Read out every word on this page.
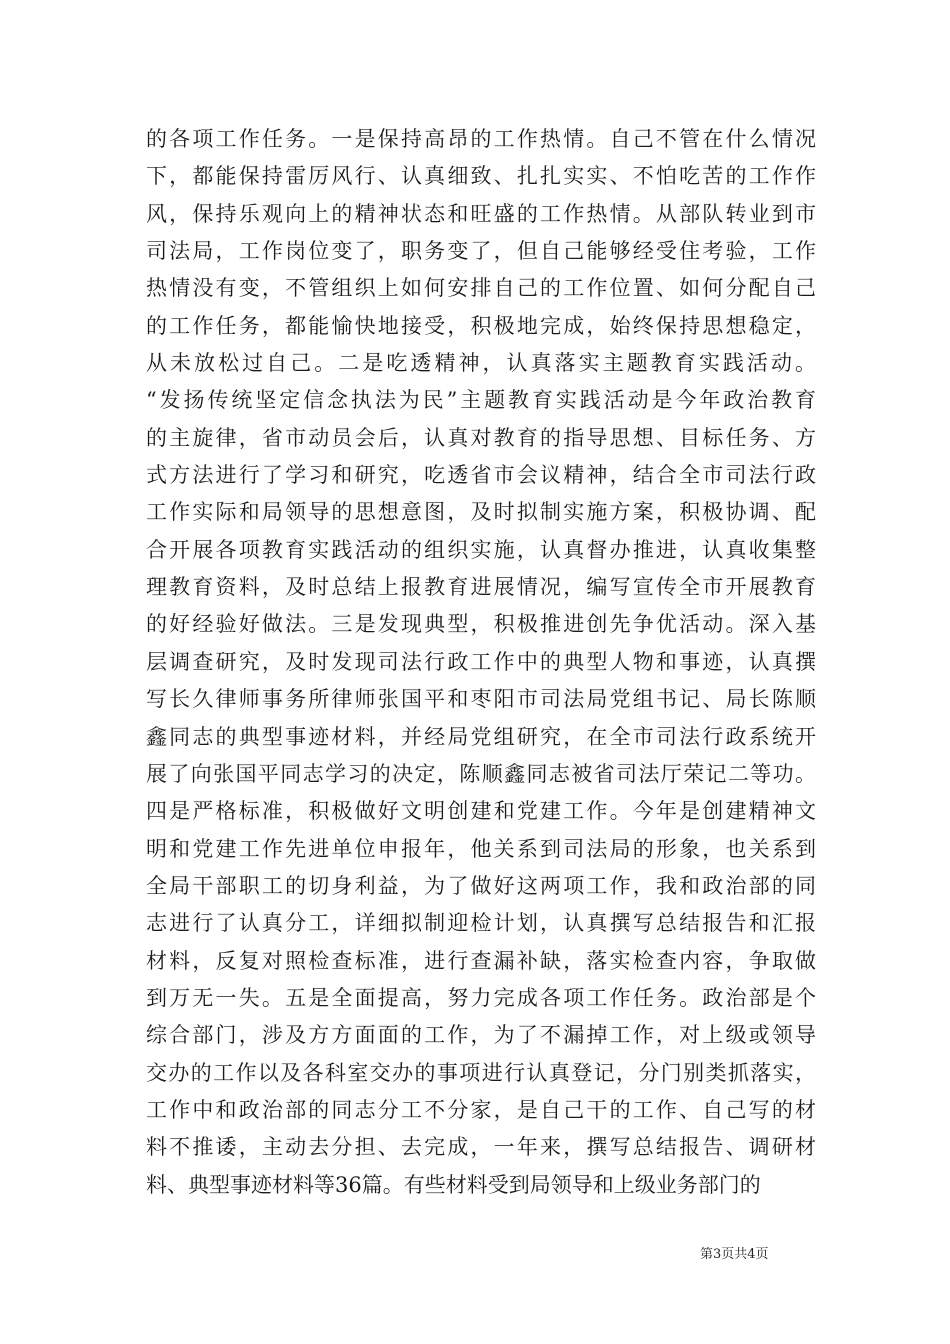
的各项工作任务。一是保持高昂的工作热情。自己不管在什么情况
下，都能保持雷厉风行、认真细致、扎扎实实、不怕吃苦的工作作
风，保持乐观向上的精神状态和旺盛的工作热情。从部队转业到市
司法局，工作岗位变了，职务变了，但自己能够经受住考验，工作
热情没有变，不管组织上如何安排自己的工作位置、如何分配自己
的工作任务，都能愉快地接受，积极地完成，始终保持思想稳定，
从未放松过自己。二是吃透精神，认真落实主题教育实践活动。
“发扬传统坚定信念执法为民”主题教育实践活动是今年政治教育
的主旋律，省市动员会后，认真对教育的指导思想、目标任务、方
式方法进行了学习和研究，吃透省市会议精神，结合全市司法行政
工作实际和局领导的思想意图，及时拟制实施方案，积极协调、配
合开展各项教育实践活动的组织实施，认真督办推进，认真收集整
理教育资料，及时总结上报教育进展情况，编写宣传全市开展教育
的好经验好做法。三是发现典型，积极推进创先争优活动。深入基
层调查研究，及时发现司法行政工作中的典型人物和事迹，认真撰
写长久律师事务所律师张国平和枣阳市司法局党组书记、局长陈顺
鑫同志的典型事迹材料，并经局党组研究，在全市司法行政系统开
展了向张国平同志学习的决定，陈顺鑫同志被省司法厅荣记二等功。
四是严格标准，积极做好文明创建和党建工作。今年是创建精神文
明和党建工作先进单位申报年，他关系到司法局的形象，也关系到
全局干部职工的切身利益，为了做好这两项工作，我和政治部的同
志进行了认真分工，详细拟制迎检计划，认真撰写总结报告和汇报
材料，反复对照检查标准，进行查漏补缺，落实检查内容，争取做
到万无一失。五是全面提高，努力完成各项工作任务。政治部是个
综合部门，涉及方方面面的工作，为了不漏掉工作，对上级或领导
交办的工作以及各科室交办的事项进行认真登记，分门别类抓落实，
工作中和政治部的同志分工不分家，是自己干的工作、自己写的材
料不推诿，主动去分担、去完成，一年来，撰写总结报告、调研材
料、典型事迹材料等36篇。有些材料受到局领导和上级业务部门的
第3页共4页
